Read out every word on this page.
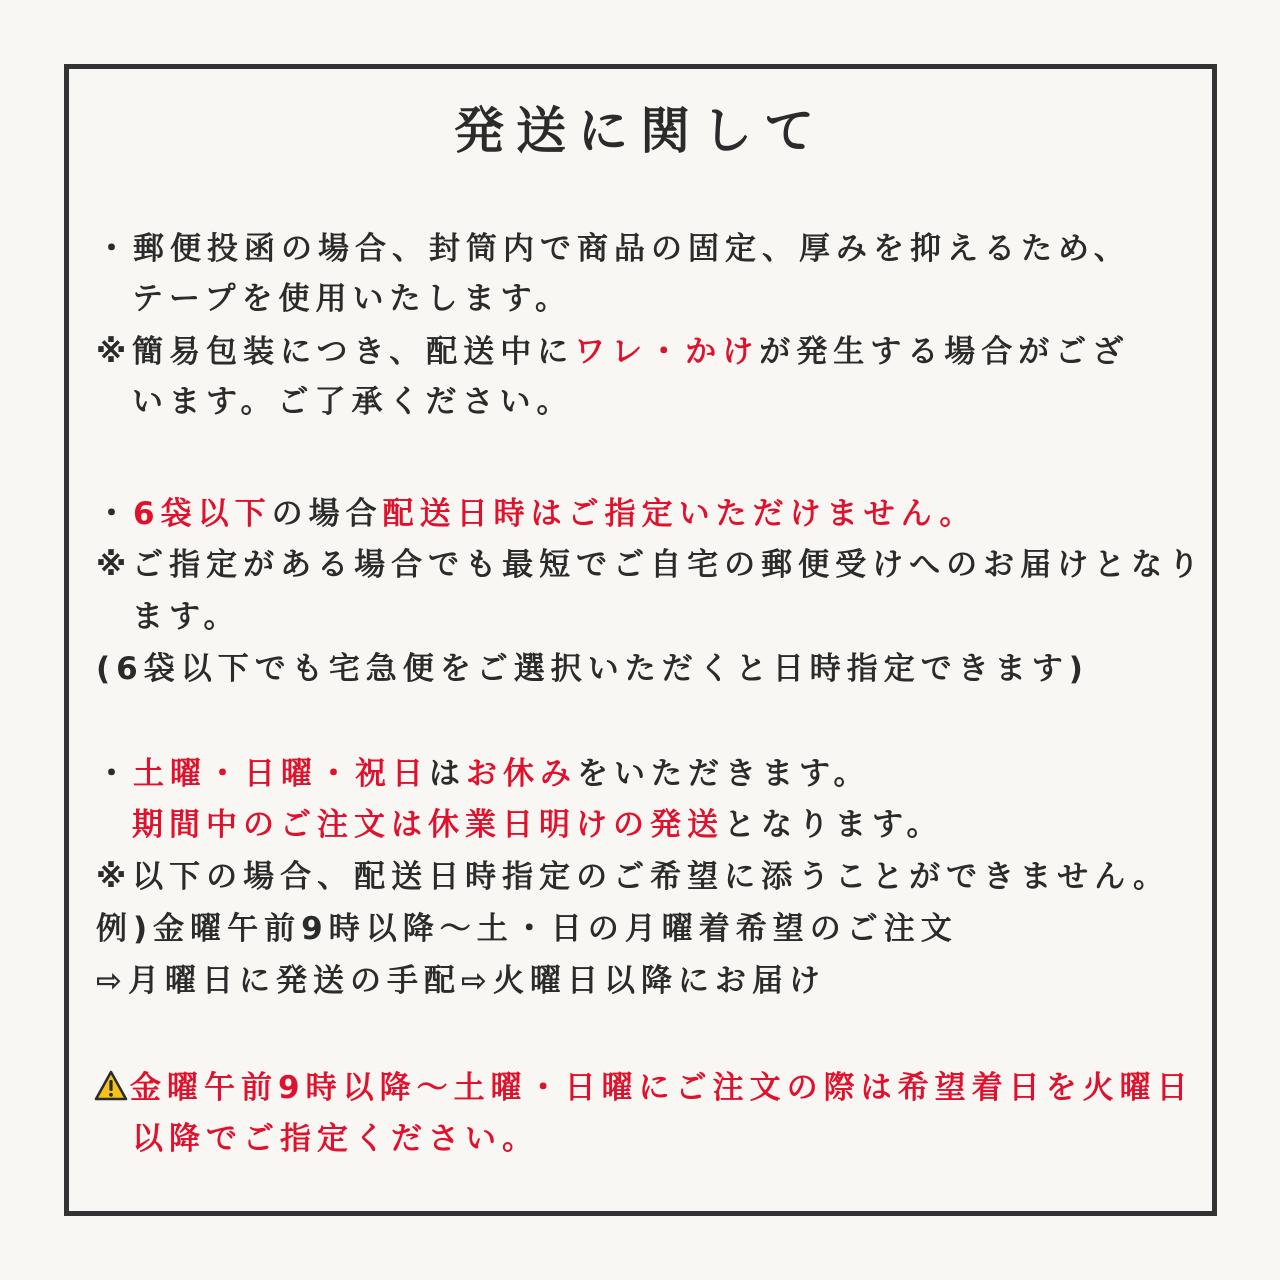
発送に関して
・郵便投函の場合、封筒内で商品の固定、厚みを抑えるため、
テープを使用いたします。
※簡易包装につき、配送中にワレ・かけが発生する場合がござ
います。ご了承ください。
・6袋以下の場合配送日時はご指定いただけません。
※ご指定がある場合でも最短でご自宅の郵便受けへのお届けとなり
ます。
(6袋以下でも宅急便をご選択いただくと日時指定できます)
・土曜・日曜・祝日はお休みをいただきます。
期間中のご注文は休業日明けの発送となります。
※以下の場合、配送日時指定のご希望に添うことができません。
例)金曜午前9時以降〜土・日の月曜着希望のご注文
⇨月曜日に発送の手配⇨火曜日以降にお届け
金曜午前9時以降〜土曜・日曜にご注文の際は希望着日を火曜日
以降でご指定ください。
